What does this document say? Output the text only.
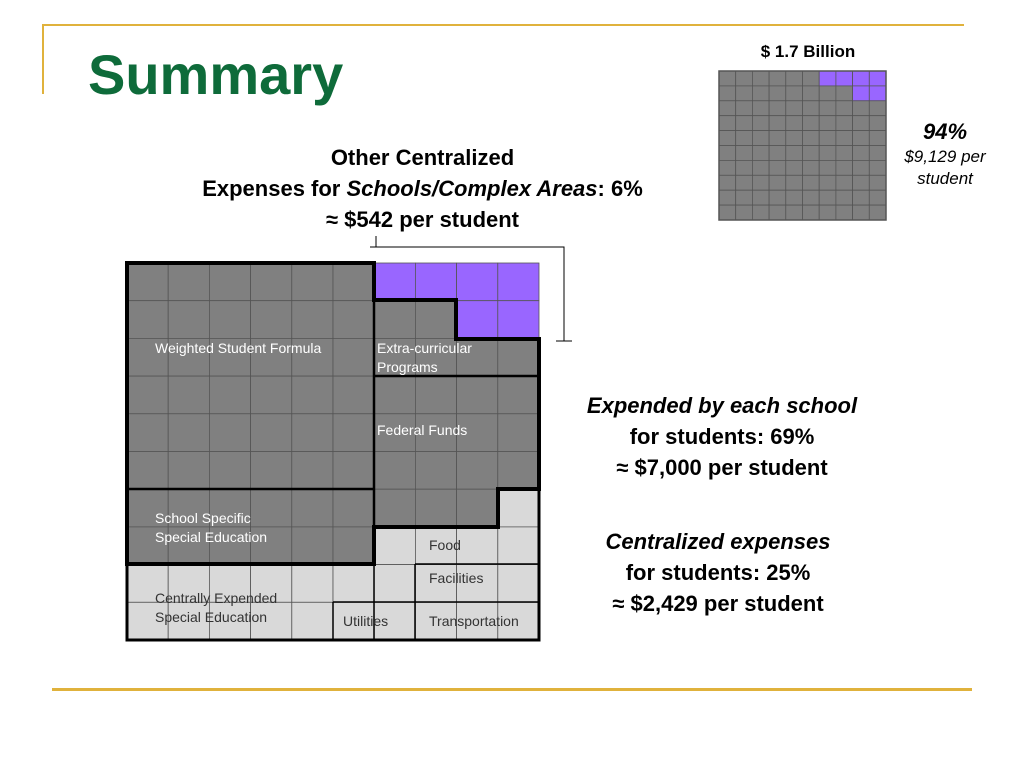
Summary	$ 1.7 Billion
94%
$9,129 per
student
Other Centralized
Expenses for Schools/Complex Areas: 6%
≈ $542 per student
Weighted Student Formula	Extra-curricular
Programs
Federal Funds
School Specific
Special Education	Food
Facilities
Centrally Expended
Special Education	Utilities	Transportation
Expended by each school
for students: 69%
≈ $7,000 per student
Centralized expenses
for students: 25%
≈ $2,429 per student
